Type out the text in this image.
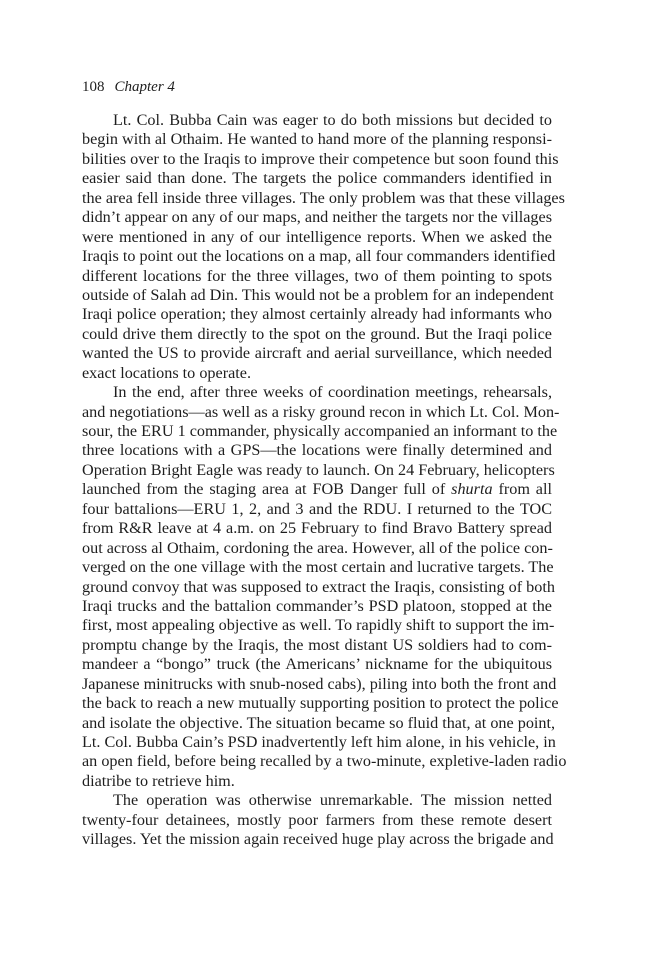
108 Chapter 4
Lt. Col. Bubba Cain was eager to do both missions but decided to
begin with al Othaim. He wanted to hand more of the planning responsi-
bilities over to the Iraqis to improve their competence but soon found this
easier said than done. The targets the police commanders identified in
the area fell inside three villages. The only problem was that these villages
didn’t appear on any of our maps, and neither the targets nor the villages
were mentioned in any of our intelligence reports. When we asked the
Iraqis to point out the locations on a map, all four commanders identified
different locations for the three villages, two of them pointing to spots
outside of Salah ad Din. This would not be a problem for an independent
Iraqi police operation; they almost certainly already had informants who
could drive them directly to the spot on the ground. But the Iraqi police
wanted the US to provide aircraft and aerial surveillance, which needed
exact locations to operate.
In the end, after three weeks of coordination meetings, rehearsals,
and negotiations—as well as a risky ground recon in which Lt. Col. Mon-
sour, the ERU 1 commander, physically accompanied an informant to the
three locations with a GPS—the locations were finally determined and
Operation Bright Eagle was ready to launch. On 24 February, helicopters
launched from the staging area at FOB Danger full of shurta from all
four battalions—ERU 1, 2, and 3 and the RDU. I returned to the TOC
from R&R leave at 4 a.m. on 25 February to find Bravo Battery spread
out across al Othaim, cordoning the area. However, all of the police con-
verged on the one village with the most certain and lucrative targets. The
ground convoy that was supposed to extract the Iraqis, consisting of both
Iraqi trucks and the battalion commander’s PSD platoon, stopped at the
first, most appealing objective as well. To rapidly shift to support the im-
promptu change by the Iraqis, the most distant US soldiers had to com-
mandeer a “bongo” truck (the Americans’ nickname for the ubiquitous
Japanese minitrucks with snub-nosed cabs), piling into both the front and
the back to reach a new mutually supporting position to protect the police
and isolate the objective. The situation became so fluid that, at one point,
Lt. Col. Bubba Cain’s PSD inadvertently left him alone, in his vehicle, in
an open field, before being recalled by a two-minute, expletive-laden radio
diatribe to retrieve him.
The operation was otherwise unremarkable. The mission netted
twenty-four detainees, mostly poor farmers from these remote desert
villages. Yet the mission again received huge play across the brigade and
